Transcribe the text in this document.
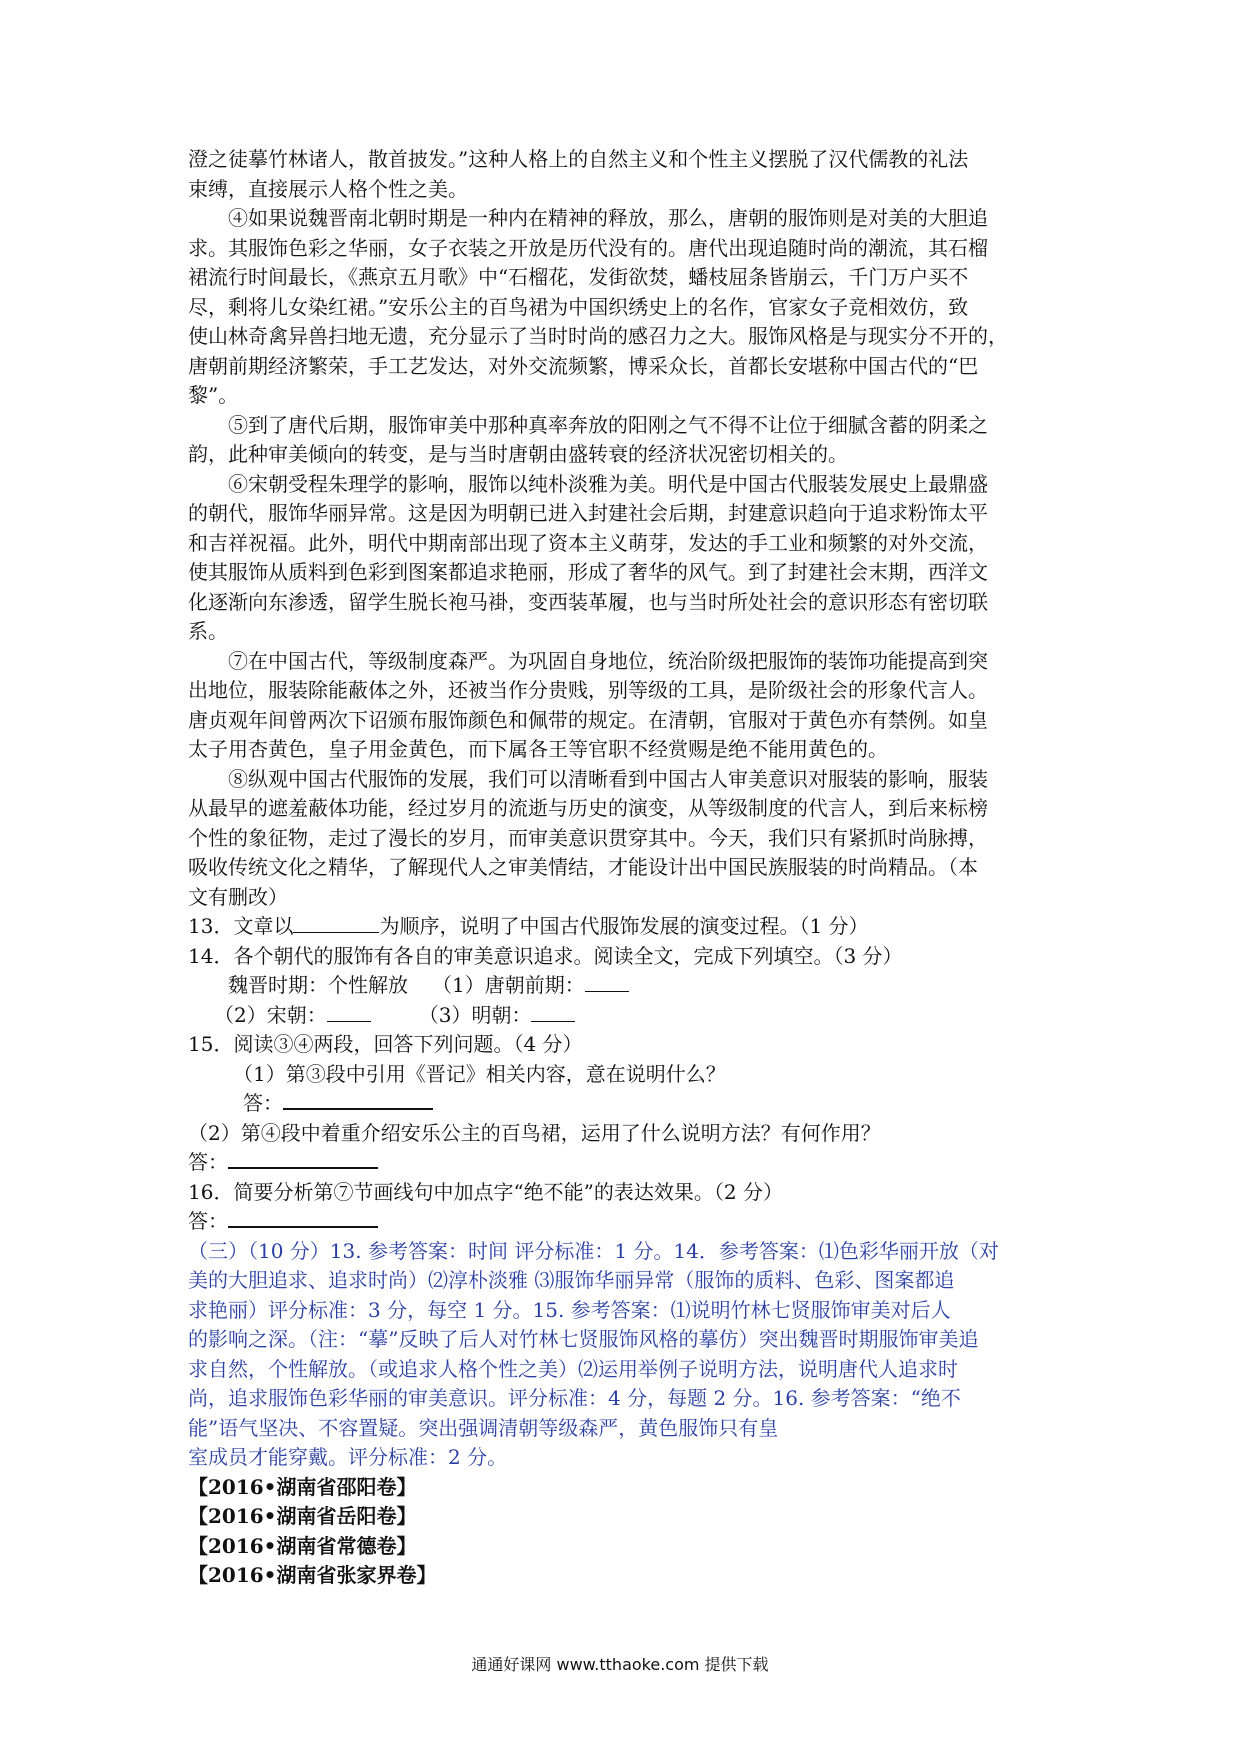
澄之徒摹竹林诸人，散首披发。”这种人格上的自然主义和个性主义摆脱了汉代儒教的礼法
束缚，直接展示人格个性之美。
④如果说魏晋南北朝时期是一种内在精神的释放，那么，唐朝的服饰则是对美的大胆追
求。其服饰色彩之华丽，女子衣装之开放是历代没有的。唐代出现追随时尚的潮流，其石榴
裙流行时间最长，《燕京五月歌》中“石榴花，发街欲焚，蟠枝屈条皆崩云，千门万户买不
尽，剩将儿女染红裙。”安乐公主的百鸟裙为中国织绣史上的名作，官家女子竞相效仿，致
使山林奇禽异兽扫地无遗，充分显示了当时时尚的感召力之大。服饰风格是与现实分不开的，
唐朝前期经济繁荣，手工艺发达，对外交流频繁，博采众长，首都长安堪称中国古代的“巴
黎”。
⑤到了唐代后期，服饰审美中那种真率奔放的阳刚之气不得不让位于细腻含蓄的阴柔之
韵，此种审美倾向的转变，是与当时唐朝由盛转衰的经济状况密切相关的。
⑥宋朝受程朱理学的影响，服饰以纯朴淡雅为美。明代是中国古代服装发展史上最鼎盛
的朝代，服饰华丽异常。这是因为明朝已进入封建社会后期，封建意识趋向于追求粉饰太平
和吉祥祝福。此外，明代中期南部出现了资本主义萌芽，发达的手工业和频繁的对外交流，
使其服饰从质料到色彩到图案都追求艳丽，形成了奢华的风气。到了封建社会末期，西洋文
化逐渐向东渗透，留学生脱长袍马褂，变西装革履，也与当时所处社会的意识形态有密切联
系。
⑦在中国古代，等级制度森严。为巩固自身地位，统治阶级把服饰的装饰功能提高到突
出地位，服装除能蔽体之外，还被当作分贵贱，别等级的工具，是阶级社会的形象代言人。
唐贞观年间曾两次下诏颁布服饰颜色和佩带的规定。在清朝，官服对于黄色亦有禁例。如皇
太子用杏黄色，皇子用金黄色，而下属各王等官职不经赏赐是绝不能用黄色的。
⑧纵观中国古代服饰的发展，我们可以清晰看到中国古人审美意识对服装的影响，服装
从最早的遮羞蔽体功能，经过岁月的流逝与历史的演变，从等级制度的代言人，到后来标榜
个性的象征物，走过了漫长的岁月，而审美意识贯穿其中。今天，我们只有紧抓时尚脉搏，
吸收传统文化之精华，了解现代人之审美情结，才能设计出中国民族服装的时尚精品。（本
文有删改）
13．文章以	为顺序，说明了中国古代服饰发展的演变过程。（1 分）
14．各个朝代的服饰有各自的审美意识追求。阅读全文，完成下列填空。（3 分）
魏晋时期：个性解放 （1）唐朝前期：
（2）宋朝：	（3）明朝：
15．阅读③④两段，回答下列问题。（4 分）
（1）第③段中引用《晋记》相关内容，意在说明什么？
答：
（2）第④段中着重介绍安乐公主的百鸟裙，运用了什么说明方法？有何作用？
答：
16．简要分析第⑦节画线句中加点字“绝不能”的表达效果。（2 分）
答：
（三）（10 分）13. 参考答案：时间 评分标准：1 分。14．参考答案：⑴色彩华丽开放（对
美的大胆追求、追求时尚）⑵淳朴淡雅 ⑶服饰华丽异常（服饰的质料、色彩、图案都追
求艳丽）评分标准：3 分，每空 1 分。15. 参考答案：⑴说明竹林七贤服饰审美对后人
的影响之深。（注：“摹”反映了后人对竹林七贤服饰风格的摹仿）突出魏晋时期服饰审美追
求自然，个性解放。（或追求人格个性之美）⑵运用举例子说明方法，说明唐代人追求时
尚，追求服饰色彩华丽的审美意识。评分标准：4 分，每题 2 分。16. 参考答案：“绝不
能”语气坚决、不容置疑。突出强调清朝等级森严，黄色服饰只有皇
室成员才能穿戴。评分标准：2 分。
【2016•湖南省邵阳卷】
【2016•湖南省岳阳卷】
【2016•湖南省常德卷】
【2016•湖南省张家界卷】
通通好课网 www.tthaoke.com 提供下载
